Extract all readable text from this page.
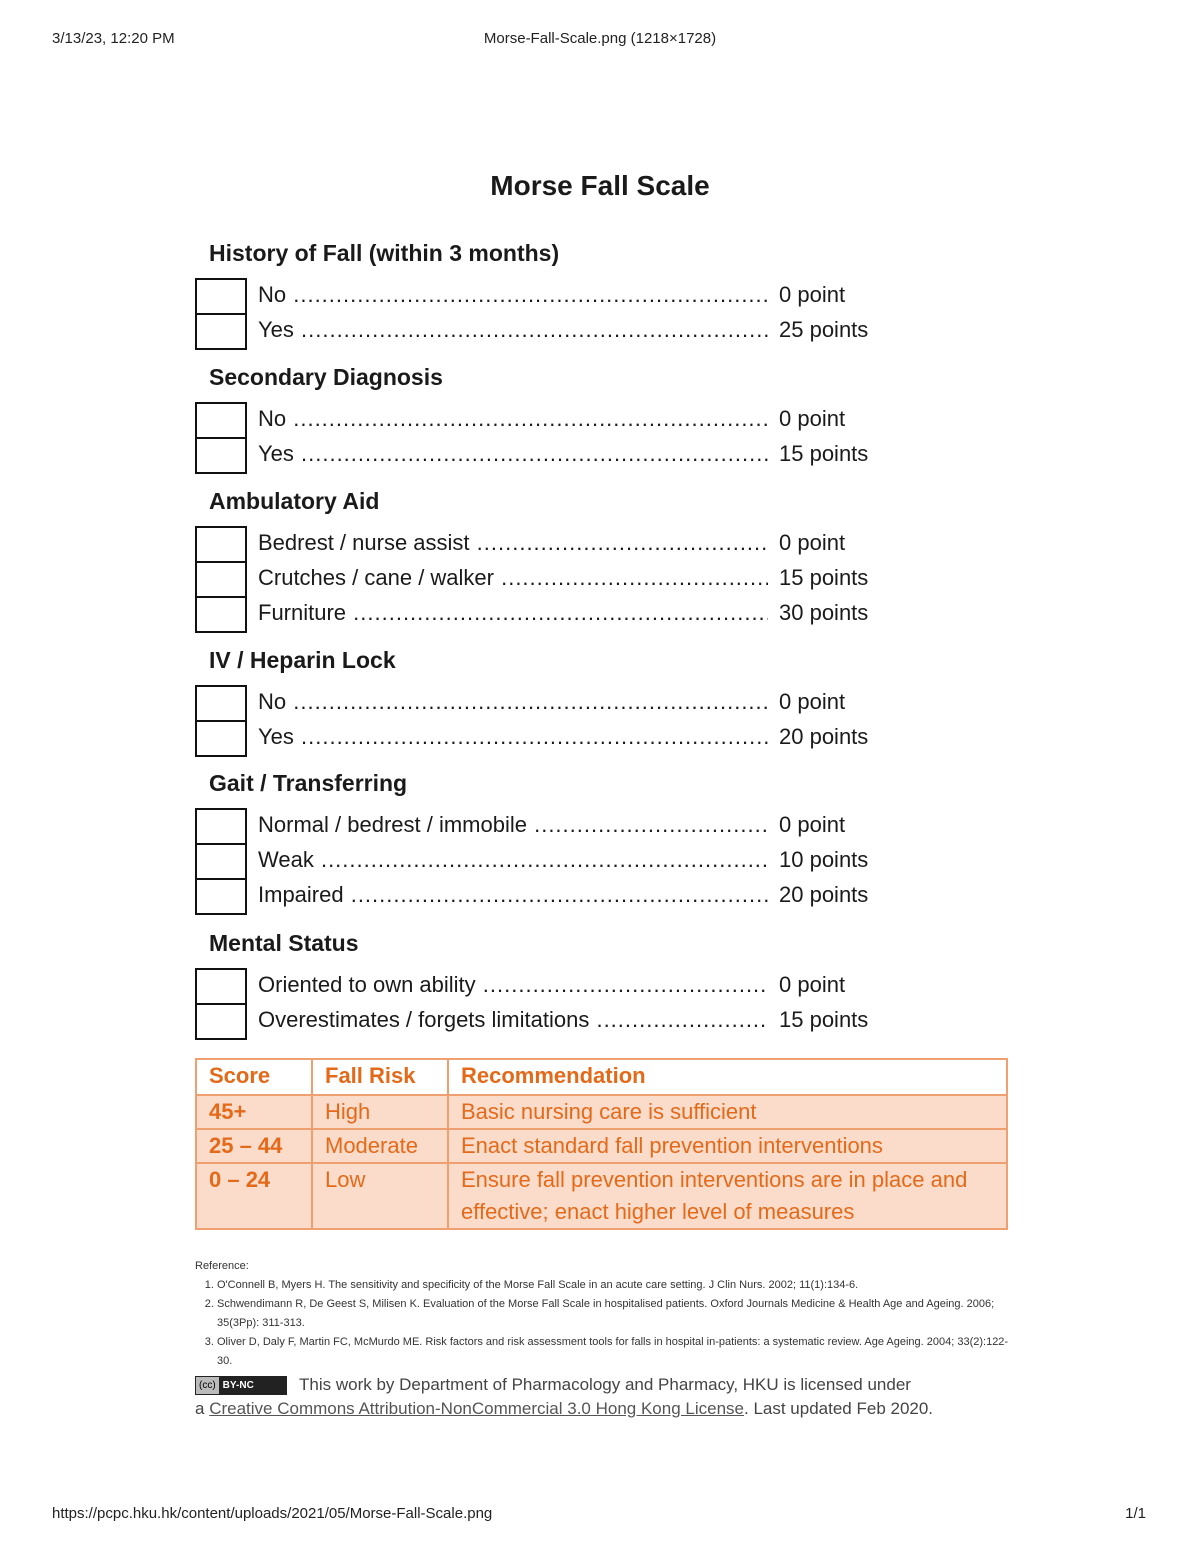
3/13/23, 12:20 PM	Morse-Fall-Scale.png (1218×1728)
Morse Fall Scale
History of Fall (within 3 months)
No .....	0 point
Yes .....	25 points
Secondary Diagnosis
No .....	0 point
Yes .....	15 points
Ambulatory Aid
Bedrest / nurse assist .....	0 point
Crutches / cane / walker .....	15 points
Furniture .....	30 points
IV / Heparin Lock
No .....	0 point
Yes .....	20 points
Gait / Transferring
Normal / bedrest / immobile .....	0 point
Weak .....	10 points
Impaired .....	20 points
Mental Status
Oriented to own ability .....	0 point
Overestimates / forgets limitations .....	15 points
Score	Fall Risk	Recommendation
45+	High	Basic nursing care is sufficient
25 – 44	Moderate	Enact standard fall prevention interventions
0 – 24	Low	Ensure fall prevention interventions are in place and effective; enact higher level of measures
Reference:
1. O'Connell B, Myers H. The sensitivity and specificity of the Morse Fall Scale in an acute care setting. J Clin Nurs. 2002; 11(1):134-6.
2. Schwendimann R, De Geest S, Milisen K. Evaluation of the Morse Fall Scale in hospitalised patients. Oxford Journals Medicine & Health Age and Ageing. 2006; 35(3Pp): 311-313.
3. Oliver D, Daly F, Martin FC, McMurdo ME. Risk factors and risk assessment tools for falls in hospital in-patients: a systematic review. Age Ageing. 2004; 33(2):122-30.
(cc) BY-NC	This work by Department of Pharmacology and Pharmacy, HKU is licensed under
a Creative Commons Attribution-NonCommercial 3.0 Hong Kong License. Last updated Feb 2020.
https://pcpc.hku.hk/content/uploads/2021/05/Morse-Fall-Scale.png	1/1
